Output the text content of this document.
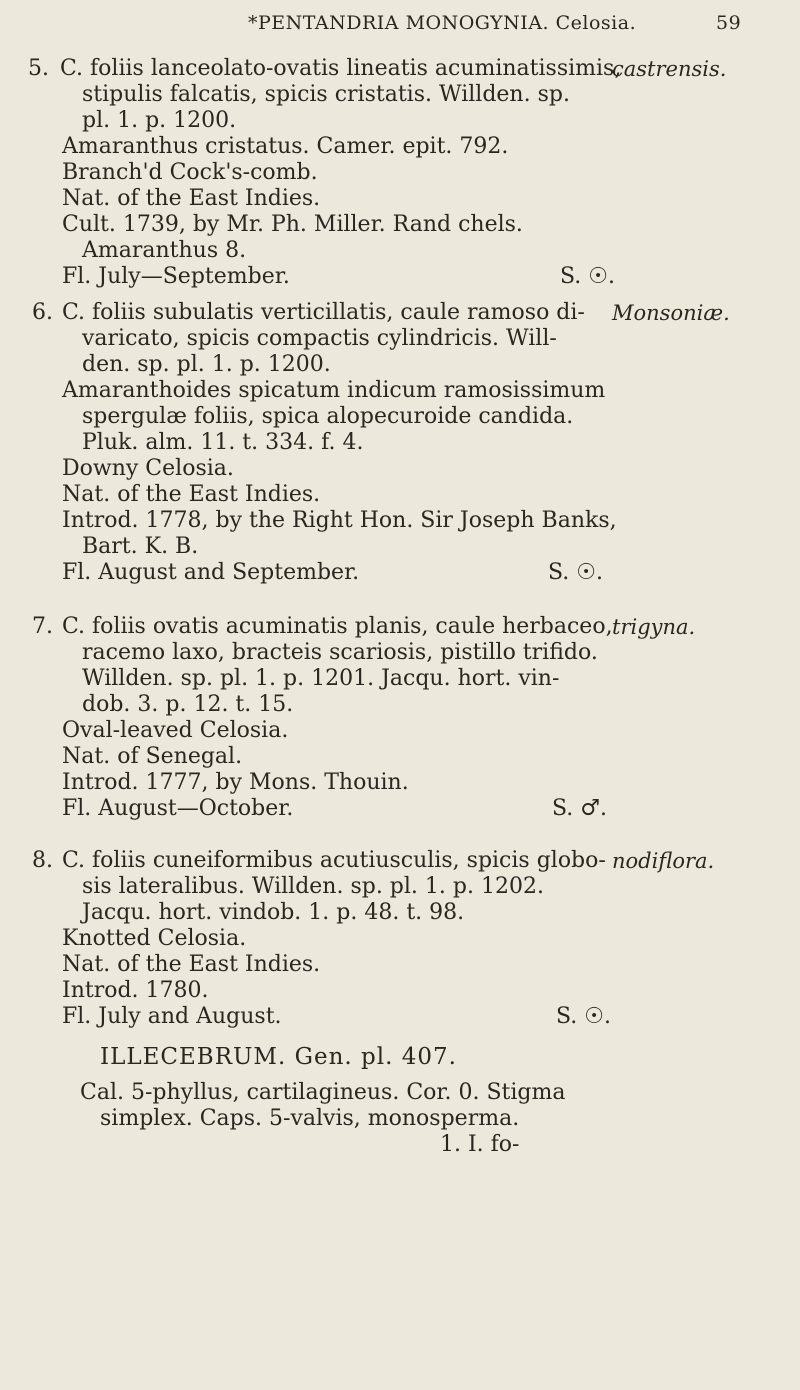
*PENTANDRIA MONOGYNIA. Celosia.	59
5. C. foliis lanceolato-ovatis lineatis acuminatissimis,
stipulis falcatis, spicis cristatis. Willden. sp.
pl. 1. p. 1200.
Amaranthus cristatus. Camer. epit. 792.
Branch'd Cock's-comb.
Nat. of the East Indies.
Cult. 1739, by Mr. Ph. Miller. Rand chels.
Amaranthus 8.
Fl. July—September.
castrensis.
S. ☉.
6. C. foliis subulatis verticillatis, caule ramoso di-
varicato, spicis compactis cylindricis. Will-
den. sp. pl. 1. p. 1200.
Amaranthoides spicatum indicum ramosissimum
spergulæ foliis, spica alopecuroide candida.
Pluk. alm. 11. t. 334. f. 4.
Downy Celosia.
Nat. of the East Indies.
Introd. 1778, by the Right Hon. Sir Joseph Banks,
Bart. K. B.
Fl. August and September.
Monsoniæ.
S. ☉.
7. C. foliis ovatis acuminatis planis, caule herbaceo,
racemo laxo, bracteis scariosis, pistillo trifido.
Willden. sp. pl. 1. p. 1201. Jacqu. hort. vin-
dob. 3. p. 12. t. 15.
Oval-leaved Celosia.
Nat. of Senegal.
Introd. 1777, by Mons. Thouin.
Fl. August—October.
trigyna.
S. ♂.
8. C. foliis cuneiformibus acutiusculis, spicis globo-
sis lateralibus. Willden. sp. pl. 1. p. 1202.
Jacqu. hort. vindob. 1. p. 48. t. 98.
Knotted Celosia.
Nat. of the East Indies.
Introd. 1780.
Fl. July and August.
nodiflora.
S. ☉.
ILLECEBRUM. Gen. pl. 407.
Cal. 5-phyllus, cartilagineus. Cor. 0. Stigma
simplex. Caps. 5-valvis, monosperma.
1. I. fo-
